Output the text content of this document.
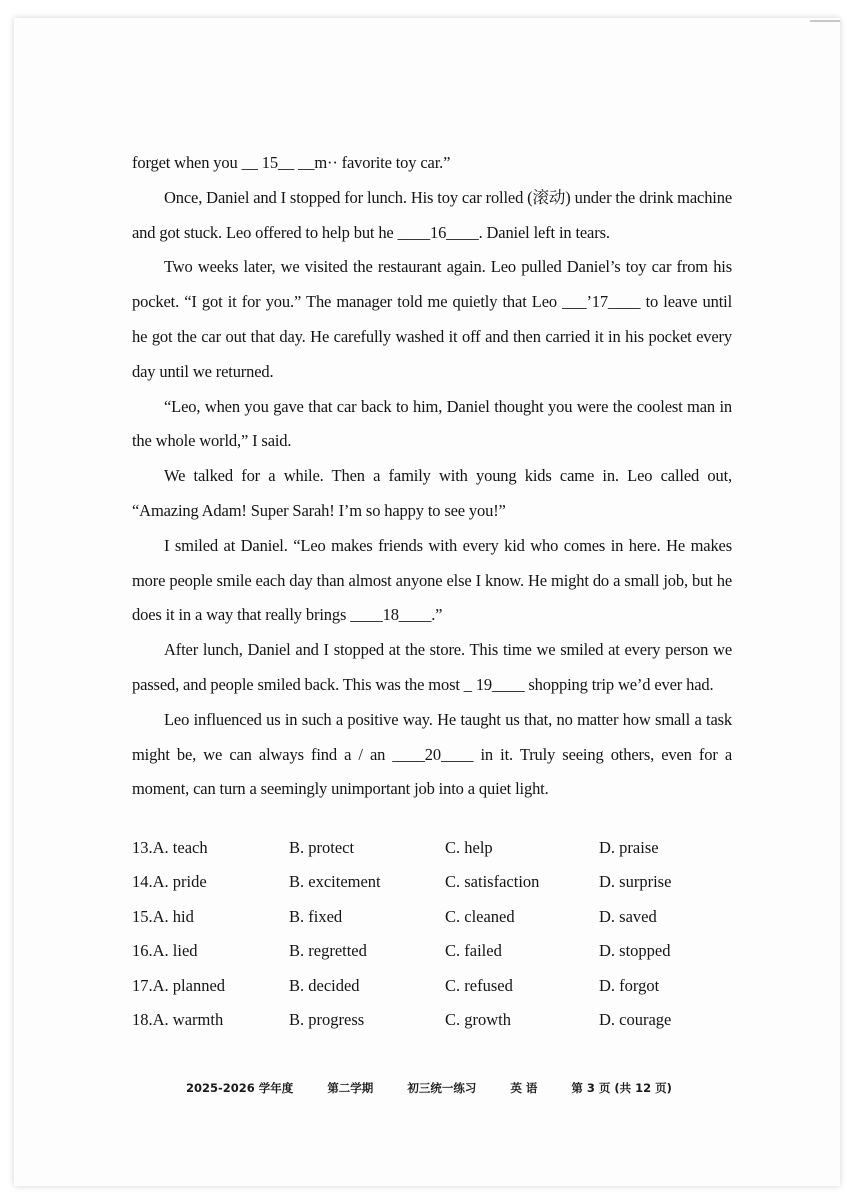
forget when you __ 15__ __m·· favorite toy car.”

Once, Daniel and I stopped for lunch. His toy car rolled (滚动) under the drink machine and got stuck. Leo offered to help but he ____16____. Daniel left in tears.

Two weeks later, we visited the restaurant again. Leo pulled Daniel’s toy car from his pocket. “I got it for you.” The manager told me quietly that Leo ___’17____ to leave until he got the car out that day. He carefully washed it off and then carried it in his pocket every day until we returned.

“Leo, when you gave that car back to him, Daniel thought you were the coolest man in the whole world,” I said.

We talked for a while. Then a family with young kids came in. Leo called out, “Amazing Adam! Super Sarah! I’m so happy to see you!”

I smiled at Daniel. “Leo makes friends with every kid who comes in here. He makes more people smile each day than almost anyone else I know. He might do a small job, but he does it in a way that really brings ____18____.”

After lunch, Daniel and I stopped at the store. This time we smiled at every person we passed, and people smiled back. This was the most _ 19____ shopping trip we’d ever had.

Leo influenced us in such a positive way. He taught us that, no matter how small a task might be, we can always find a / an ____20____ in it. Truly seeing others, even for a moment, can turn a seemingly unimportant job into a quiet light.

13.A. teach	B. protect	C. help	D. praise
14.A. pride	B. excitement	C. satisfaction	D. surprise
15.A. hid	B. fixed	C. cleaned	D. saved
16.A. lied	B. regretted	C. failed	D. stopped
17.A. planned	B. decided	C. refused	D. forgot
18.A. warmth	B. progress	C. growth	D. courage
2025-2026 学年度	第二学期	初三统一练习	英 语	第 3 页 (共 12 页)
